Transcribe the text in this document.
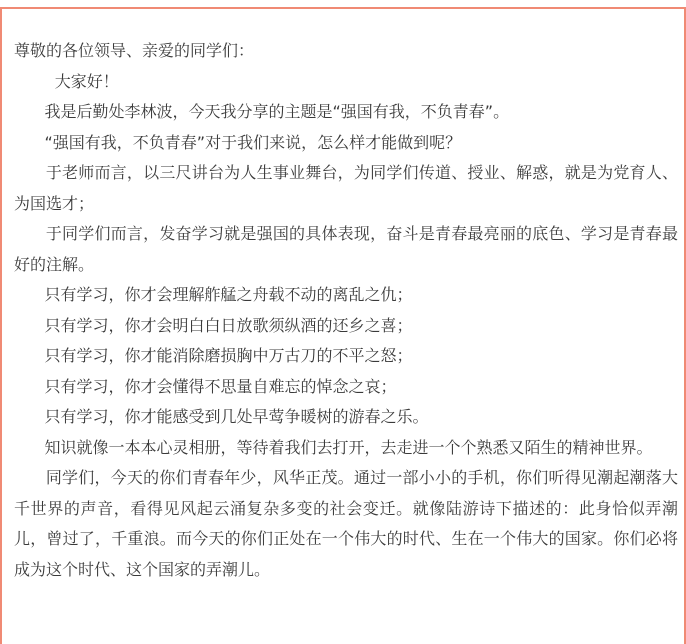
尊敬的各位领导、亲爱的同学们：

大家好！

我是后勤处李林波，今天我分享的主题是“强国有我，不负青春”。

“强国有我，不负青春”对于我们来说，怎么样才能做到呢？

于老师而言，以三尺讲台为人生事业舞台，为同学们传道、授业、解惑，就是为党育人、为国选才；

于同学们而言，发奋学习就是强国的具体表现，奋斗是青春最亮丽的底色、学习是青春最好的注解。

只有学习，你才会理解舴艋之舟载不动的离乱之仇；

只有学习，你才会明白白日放歌须纵酒的还乡之喜；

只有学习，你才能消除磨损胸中万古刀的不平之怒；

只有学习，你才会懂得不思量自难忘的悼念之哀；

只有学习，你才能感受到几处早莺争暖树的游春之乐。

知识就像一本本心灵相册，等待着我们去打开，去走进一个个熟悉又陌生的精神世界。

同学们，今天的你们青春年少，风华正茂。通过一部小小的手机，你们听得见潮起潮落大千世界的声音，看得见风起云涌复杂多变的社会变迁。就像陆游诗下描述的：此身恰似弄潮儿，曾过了，千重浪。而今天的你们正处在一个伟大的时代、生在一个伟大的国家。你们必将成为这个时代、这个国家的弄潮儿。
